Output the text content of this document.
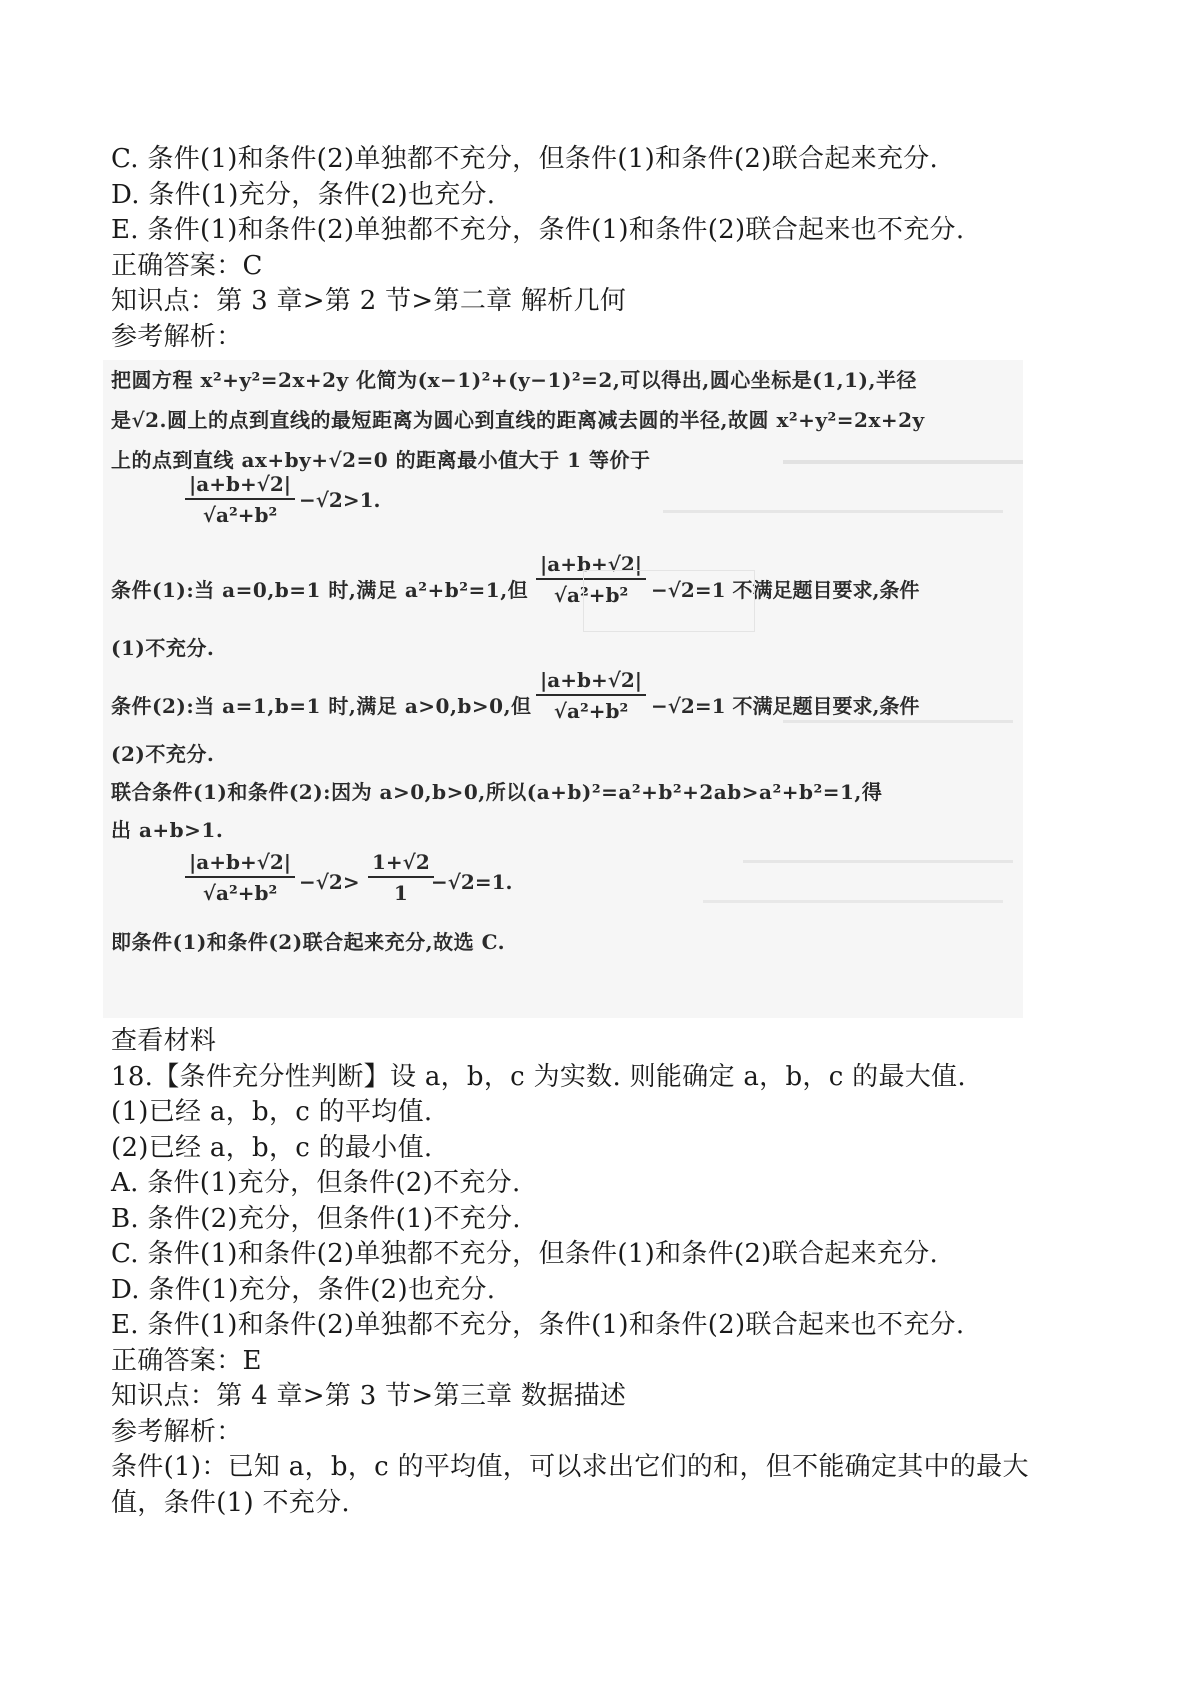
C. 条件(1)和条件(2)单独都不充分，但条件(1)和条件(2)联合起来充分.
D. 条件(1)充分，条件(2)也充分.
E. 条件(1)和条件(2)单独都不充分，条件(1)和条件(2)联合起来也不充分.
正确答案：C
知识点：第 3 章>第 2 节>第二章 解析几何
参考解析：
把圆方程 x²+y²=2x+2y 化简为(x−1)²+(y−1)²=2,可以得出,圆心坐标是(1,1),半径
是√2.圆上的点到直线的最短距离为圆心到直线的距离减去圆的半径,故圆 x²+y²=2x+2y
上的点到直线 ax+by+√2=0 的距离最小值大于 1 等价于
$\frac{|a+b+√2|}{\text{√a²+b²}} -√2>1$.
条件(1):当 a=0,b=1 时,满足 a²+b²=1,但 $\frac{|a+b+√2|}{\text{√a²+b²}} -√2=1$ 不满足题目要求,条件
(1)不充分.
条件(2):当 a=1,b=1 时,满足 a>0,b>0,但 $\frac{|a+b+√2|}{\text{√a²+b²}} -√2=1$ 不满足题目要求,条件
(2)不充分.
联合条件(1)和条件(2):因为 a>0,b>0,所以(a+b)²=a²+b²+2ab>a²+b²=1,得
出 a+b>1.
$\frac{|a+b+√2|}{\text{√a²+b²}} -√2> \frac{1+√2}{1}$
−√2=1.
即条件(1)和条件(2)联合起来充分,故选 C.
查看材料
18.【条件充分性判断】设 a，b，c 为实数. 则能确定 a，b，c 的最大值.
(1)已经 a，b，c 的平均值.
(2)已经 a，b，c 的最小值.
A. 条件(1)充分，但条件(2)不充分.
B. 条件(2)充分，但条件(1)不充分.
C. 条件(1)和条件(2)单独都不充分，但条件(1)和条件(2)联合起来充分.
D. 条件(1)充分，条件(2)也充分.
E. 条件(1)和条件(2)单独都不充分，条件(1)和条件(2)联合起来也不充分.
正确答案：E
知识点：第 4 章>第 3 节>第三章 数据描述
参考解析：
条件(1)：已知 a，b，c 的平均值，可以求出它们的和，但不能确定其中的最大
值，条件(1) 不充分.
